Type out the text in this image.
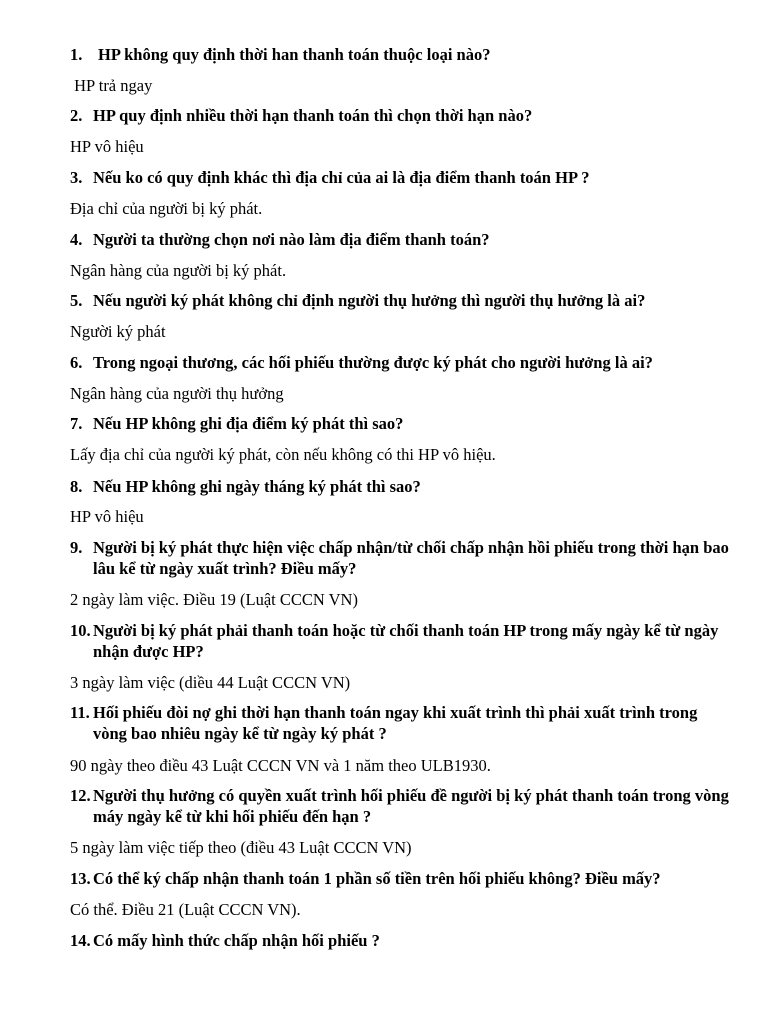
1. HP không quy định thời han thanh toán thuộc loại nào?
HP trả ngay
2. HP quy định nhiều thời hạn thanh toán thì chọn thời hạn nào?
HP vô hiệu
3. Nếu ko có quy định khác thì địa chỉ của ai là địa điểm thanh toán HP ?
Địa chỉ của người bị ký phát.
4. Người ta thường chọn nơi nào làm địa điểm thanh toán?
Ngân hàng của người bị ký phát.
5. Nếu người ký phát không chỉ định người thụ hưởng thì người thụ hưởng là ai?
Người ký phát
6. Trong ngoại thương, các hối phiếu thường được ký phát cho người hưởng là ai?
Ngân hàng của người thụ hưởng
7. Nếu HP không ghi địa điểm ký phát thì sao?
Lấy địa chỉ của người ký phát, còn nếu không có thi HP vô hiệu.
8. Nếu HP không ghi ngày tháng ký phát thì sao?
HP vô hiệu
9. Người bị ký phát thực hiện việc chấp nhận/từ chối chấp nhận hồi phiếu trong thời hạn bao lâu kể từ ngày xuất trình? Điều mấy?
2 ngày làm việc. Điều 19 (Luật CCCN VN)
10. Người bị ký phát phải thanh toán hoặc từ chối thanh toán HP trong mấy ngày kể từ ngày nhận được HP?
3 ngày làm việc (diều 44 Luật CCCN VN)
11. Hối phiếu đòi nợ ghi thời hạn thanh toán ngay khi xuất trình thì phải xuất trình trong vòng bao nhiêu ngày kể từ ngày ký phát ?
90 ngày theo điều 43 Luật CCCN VN và 1 năm theo ULB1930.
12. Người thụ hưởng có quyền xuất trình hối phiếu đề người bị ký phát thanh toán trong vòng máy ngày kể từ khi hối phiếu đến hạn ?
5 ngày làm việc tiếp theo (điều 43 Luật CCCN VN)
13. Có thể ký chấp nhận thanh toán 1 phần số tiền trên hối phiếu không? Điều mấy?
Có thể. Điều 21 (Luật CCCN VN).
14. Có mấy hình thức chấp nhận hối phiếu ?
